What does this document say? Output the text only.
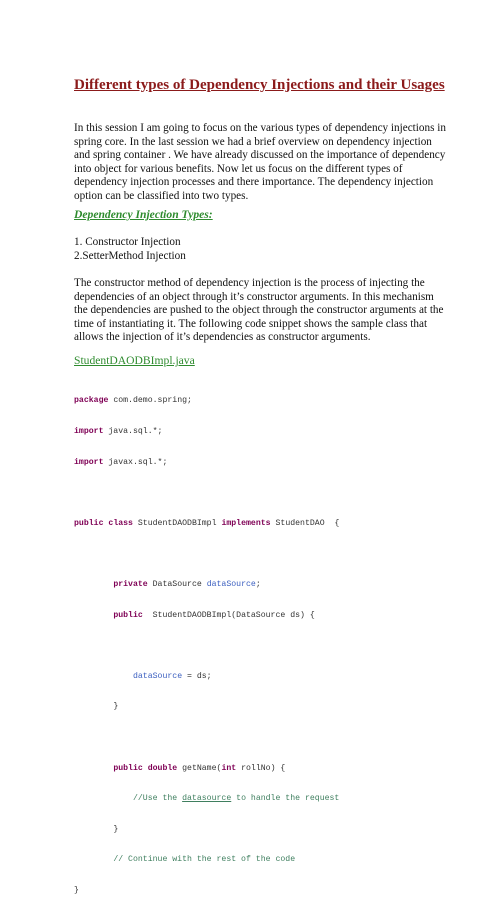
Different types of Dependency Injections and their Usages

In this session I am going to focus on the various types of dependency injections in spring core. In the last session we had a brief overview on dependency injection and spring container . We have already discussed on the importance of dependency into object for various benefits. Now let us focus on the different types of dependency injection processes and there importance. The dependency injection option can be classified into two types.

Dependency Injection Types:
1. Constructor Injection
2.SetterMethod Injection

The constructor method of dependency injection is the process of injecting the dependencies of an object through it’s constructor arguments. In this mechanism the dependencies are pushed to the object through the constructor arguments at the time of instantiating it. The following code snippet shows the sample class that allows the injection of it’s dependencies as constructor arguments.

StudentDAODBImpl.java

package com.demo.spring;

import java.sql.*;

import javax.sql.*;

public class StudentDAODBImpl implements StudentDAO  {

private DataSource dataSource;

public  StudentDAODBImpl(DataSource ds) {

dataSource = ds;

}

public double getName(int rollNo) {

//Use the datasource to handle the request

}

// Continue with the rest of the code

}
